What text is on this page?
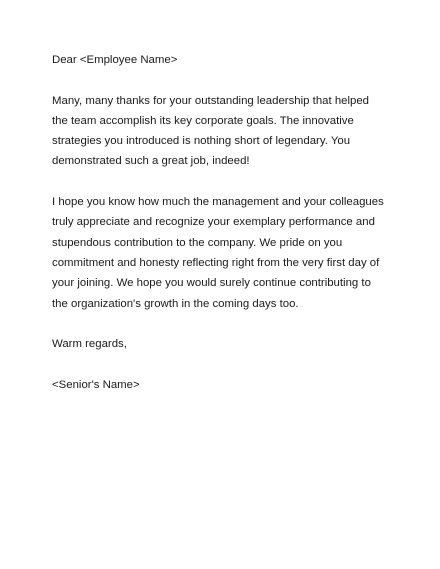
Dear <Employee Name>
Many, many thanks for your outstanding leadership that helped
the team accomplish its key corporate goals. The innovative
strategies you introduced is nothing short of legendary. You
demonstrated such a great job, indeed!
I hope you know how much the management and your colleagues
truly appreciate and recognize your exemplary performance and
stupendous contribution to the company. We pride on you
commitment and honesty reflecting right from the very first day of
your joining. We hope you would surely continue contributing to
the organization's growth in the coming days too.
Warm regards,
<Senior's Name>
